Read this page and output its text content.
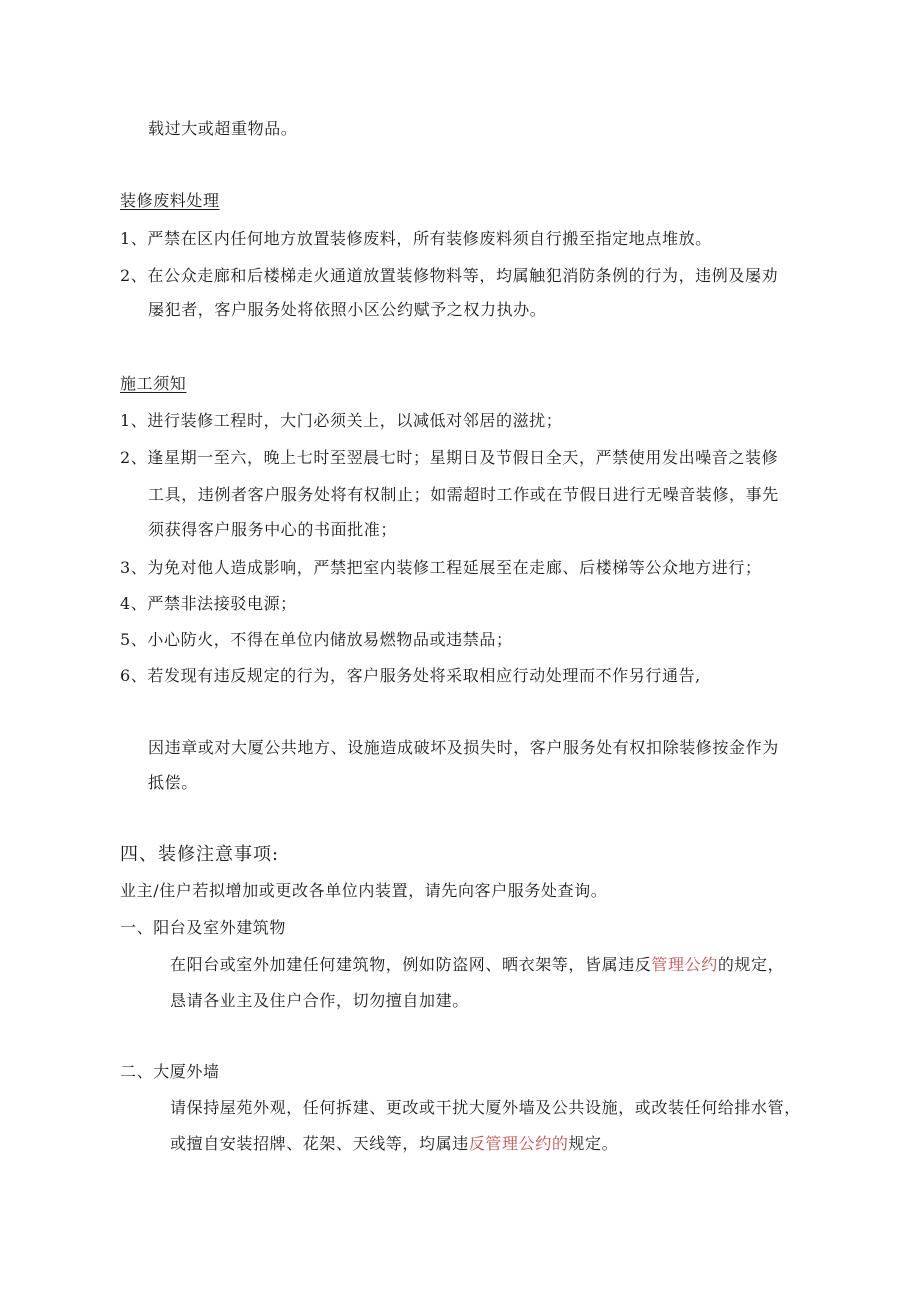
载过大或超重物品。
装修废料处理
1、严禁在区内任何地方放置装修废料，所有装修废料须自行搬至指定地点堆放。
2、在公众走廊和后楼梯走火通道放置装修物料等，均属触犯消防条例的行为，违例及屡劝
屡犯者，客户服务处将依照小区公约赋予之权力执办。
施工须知
1、进行装修工程时，大门必须关上，以减低对邻居的滋扰；
2、逢星期一至六，晚上七时至翌晨七时；星期日及节假日全天，严禁使用发出噪音之装修
工具，违例者客户服务处将有权制止；如需超时工作或在节假日进行无噪音装修，事先
须获得客户服务中心的书面批准；
3、为免对他人造成影响，严禁把室内装修工程延展至在走廊、后楼梯等公众地方进行；
4、严禁非法接驳电源；
5、小心防火，不得在单位内储放易燃物品或违禁品；
6、若发现有违反规定的行为，客户服务处将采取相应行动处理而不作另行通告,
因违章或对大厦公共地方、设施造成破坏及损失时，客户服务处有权扣除装修按金作为
抵偿。
四、装修注意事项:
业主/住户若拟增加或更改各单位内装置，请先向客户服务处查询。
一、阳台及室外建筑物
在阳台或室外加建任何建筑物，例如防盗网、晒衣架等，皆属违反管理公约的规定，
恳请各业主及住户合作，切勿擅自加建。
二、大厦外墙
请保持屋苑外观，任何拆建、更改或干扰大厦外墙及公共设施，或改装任何给排水管，
或擅自安装招牌、花架、天线等，均属违反管理公约的规定。
